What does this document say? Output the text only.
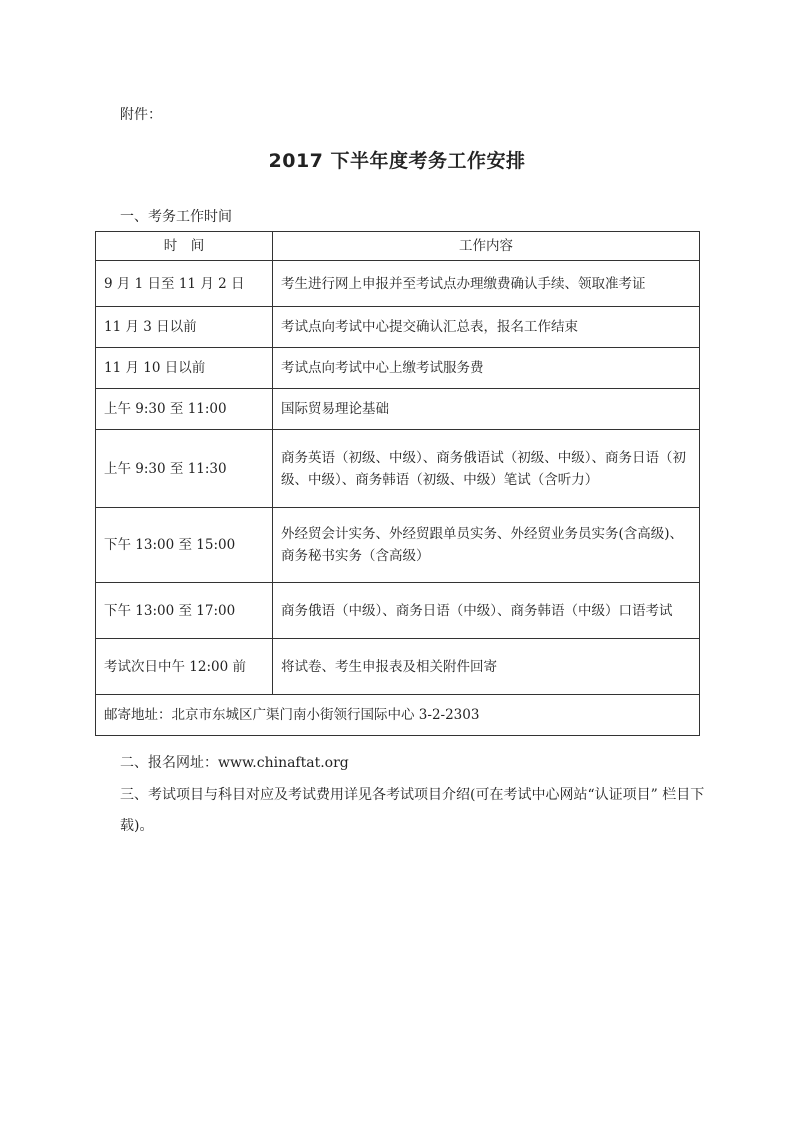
附件：
2017 下半年度考务工作安排
一、考务工作时间
时　间	工作内容
9 月 1 日至 11 月 2 日	考生进行网上申报并至考试点办理缴费确认手续、领取准考证
11 月 3 日以前	考试点向考试中心提交确认汇总表，报名工作结束
11 月 10 日以前	考试点向考试中心上缴考试服务费
上午 9:30 至 11:00	国际贸易理论基础
上午 9:30 至 11:30	商务英语（初级、中级）、商务俄语试（初级、中级）、商务日语（初级、中级）、商务韩语（初级、中级）笔试（含听力）
下午 13:00 至 15:00	外经贸会计实务、外经贸跟单员实务、外经贸业务员实务(含高级)、商务秘书实务（含高级）
下午 13:00 至 17:00	商务俄语（中级）、商务日语（中级）、商务韩语（中级）口语考试
考试次日中午 12:00 前	将试卷、考生申报表及相关附件回寄
邮寄地址：北京市东城区广渠门南小街领行国际中心 3-2-2303	
二、报名网址：www.chinaftat.org
三、考试项目与科目对应及考试费用详见各考试项目介绍(可在考试中心网站“认证项目” 栏目下载)。
